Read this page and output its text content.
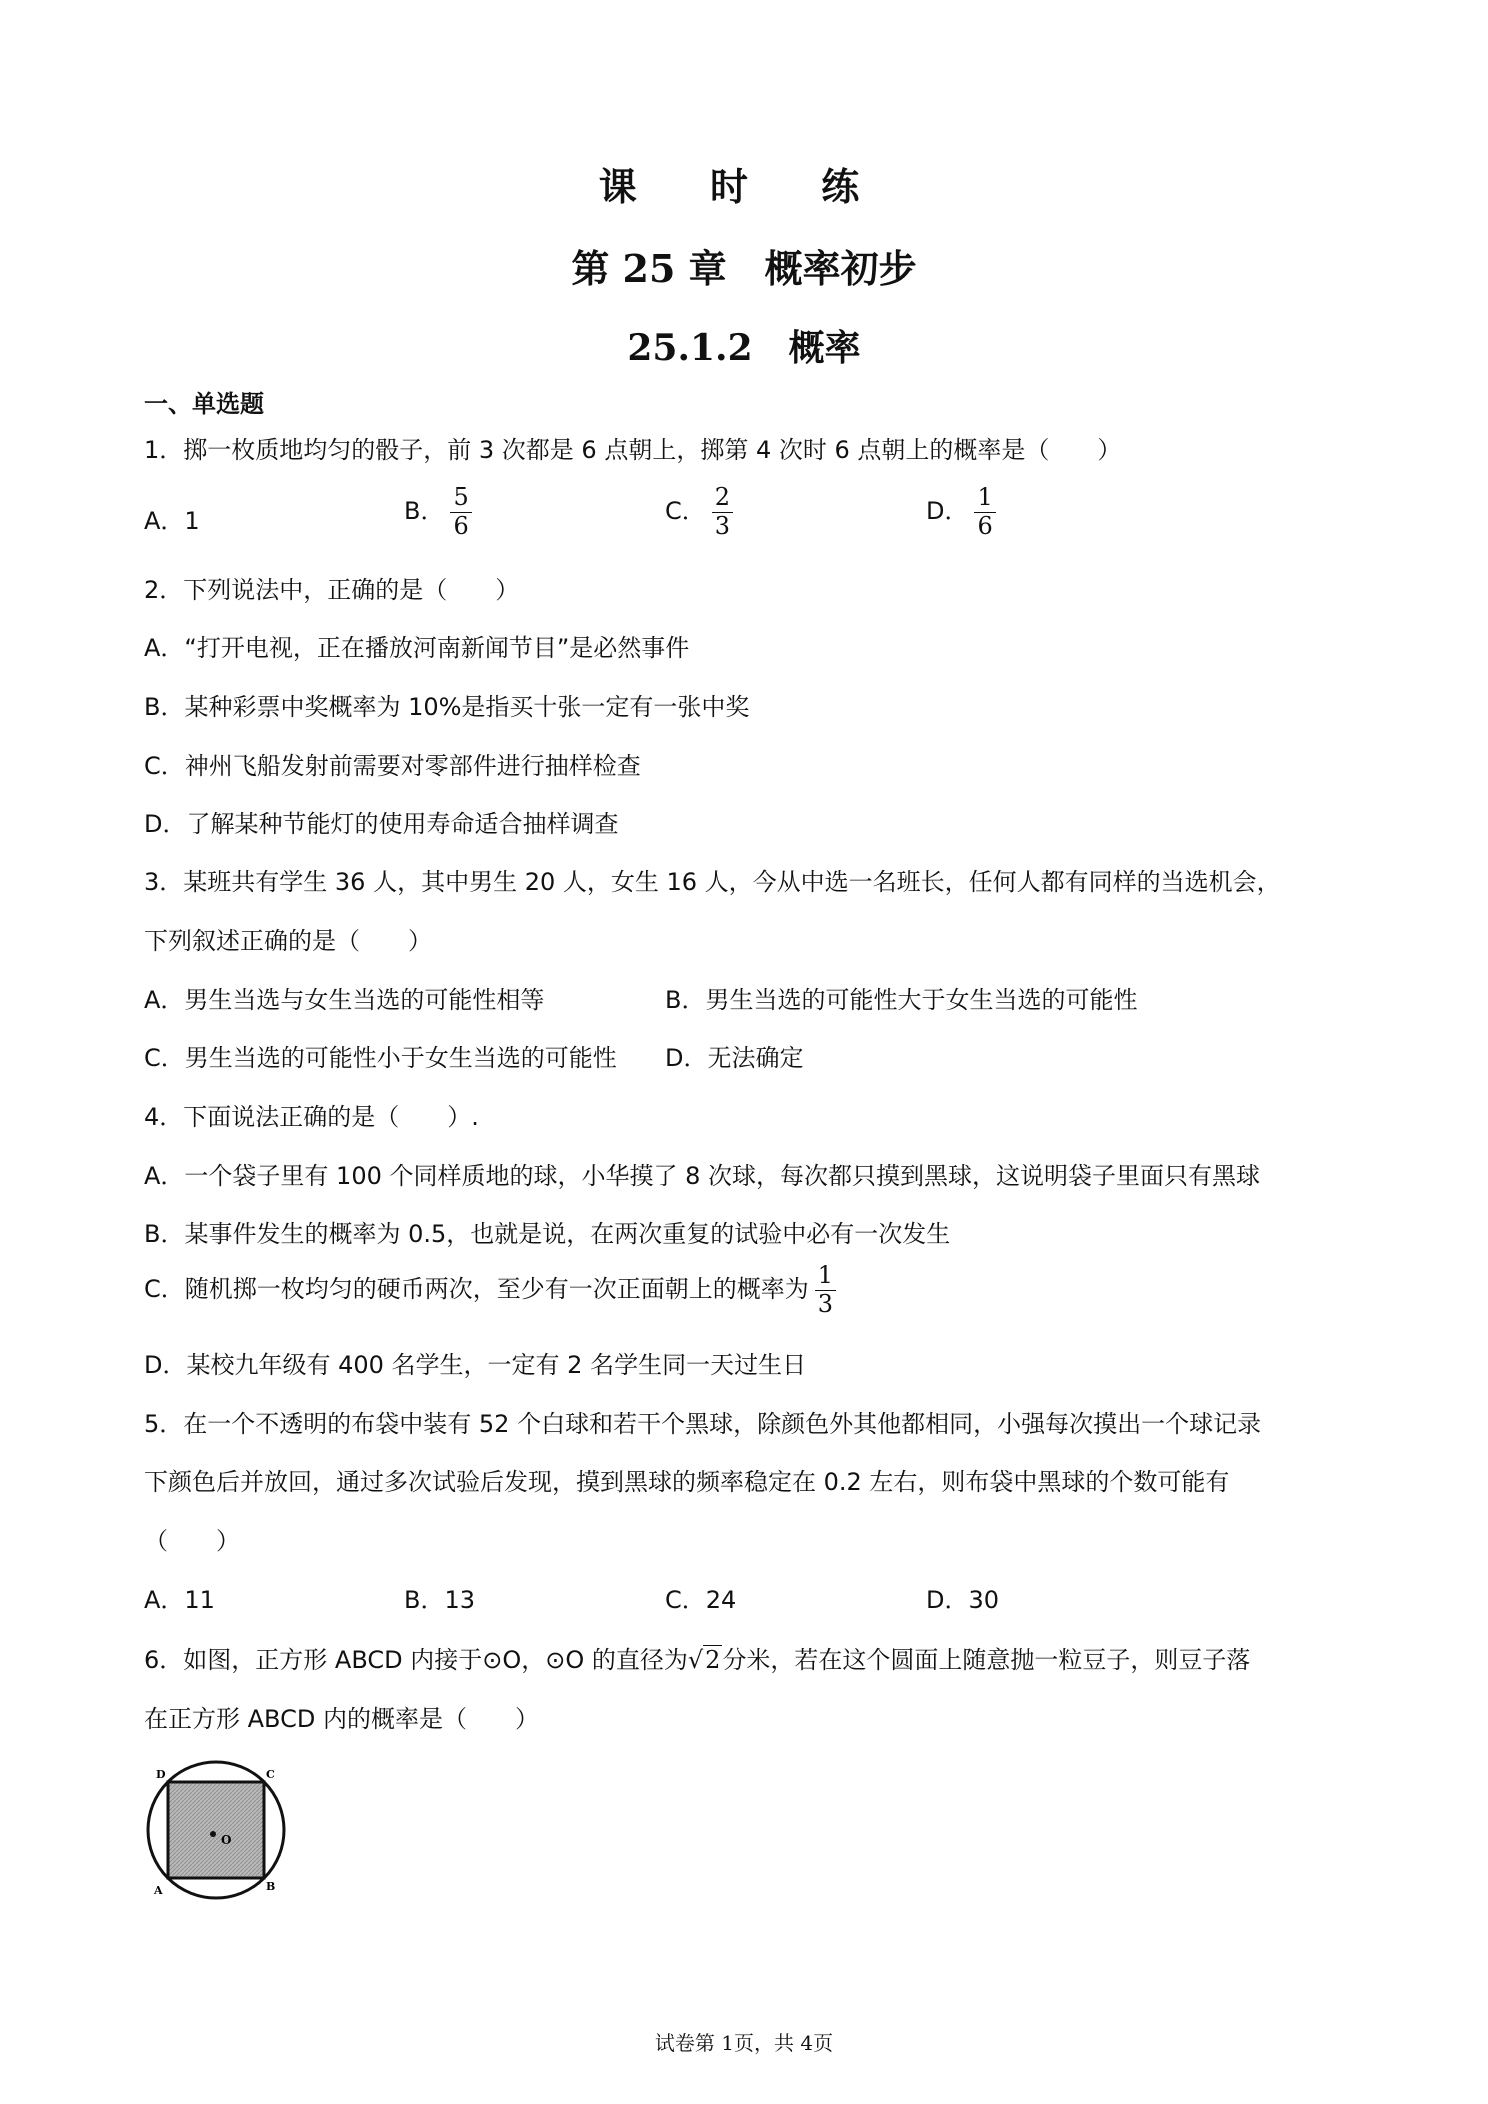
课 时 练
第 25 章　概率初步
25.1.2　概率
一、单选题
1．掷一枚质地均匀的骰子，前 3 次都是 6 点朝上，掷第 4 次时 6 点朝上的概率是（　　）
A．1	B． $\frac{5}{6}$	C． $\frac{2}{3}$	D． $\frac{1}{6}$
2．下列说法中，正确的是（　　）
A．“打开电视，正在播放河南新闻节目”是必然事件
B．某种彩票中奖概率为 10%是指买十张一定有一张中奖
C．神州飞船发射前需要对零部件进行抽样检查
D．了解某种节能灯的使用寿命适合抽样调查
3．某班共有学生 36 人，其中男生 20 人，女生 16 人，今从中选一名班长，任何人都有同样的当选机会，
下列叙述正确的是（　　）
A．男生当选与女生当选的可能性相等	B．男生当选的可能性大于女生当选的可能性
C．男生当选的可能性小于女生当选的可能性 D．无法确定
4．下面说法正确的是（　　）.
A．一个袋子里有 100 个同样质地的球，小华摸了 8 次球，每次都只摸到黑球，这说明袋子里面只有黑球
B．某事件发生的概率为 0.5，也就是说，在两次重复的试验中必有一次发生
C．随机掷一枚均匀的硬币两次，至少有一次正面朝上的概率为 $\frac{1}{3}$
D．某校九年级有 400 名学生，一定有 2 名学生同一天过生日
5．在一个不透明的布袋中装有 52 个白球和若干个黑球，除颜色外其他都相同，小强每次摸出一个球记录
下颜色后并放回，通过多次试验后发现，摸到黑球的频率稳定在 0.2 左右，则布袋中黑球的个数可能有
（　　）
A．11	B．13	C．24	D．30
6．如图，正方形 ABCD 内接于⊙O，⊙O 的直径为√2分米，若在这个圆面上随意抛一粒豆子，则豆子落
在正方形 ABCD 内的概率是（　　）
O
D	C
A	B
试卷第 1页，共 4页
